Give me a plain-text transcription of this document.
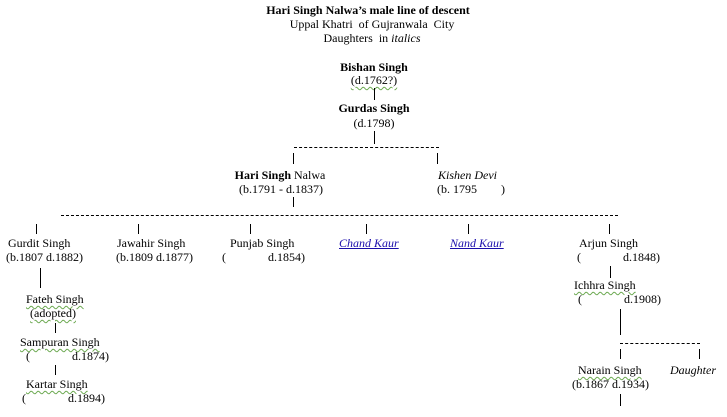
Hari Singh Nalwa’s male line of descent
Uppal Khatri  of Gujranwala  City
Daughters  in italics
Bishan Singh
(d.1762?)
Gurdas Singh
(d.1798)
Hari Singh Nalwa
(b.1791 - d.1837)
Kishen Devi
(b. 1795        )
Gurdit Singh
(b.1807 d.1882)
Fateh Singh
(adopted)
Sampuran Singh
(              d.1874)
Kartar Singh
(              d.1894)
Jawahir Singh
(b.1809 d.1877)
Punjab Singh
(              d.1854)
Chand Kaur	Nand Kaur	Arjun Singh
(              d.1848)
Ichhra Singh
(              d.1908)
Narain Singh
(b.1867 d.1934)
Daughter
